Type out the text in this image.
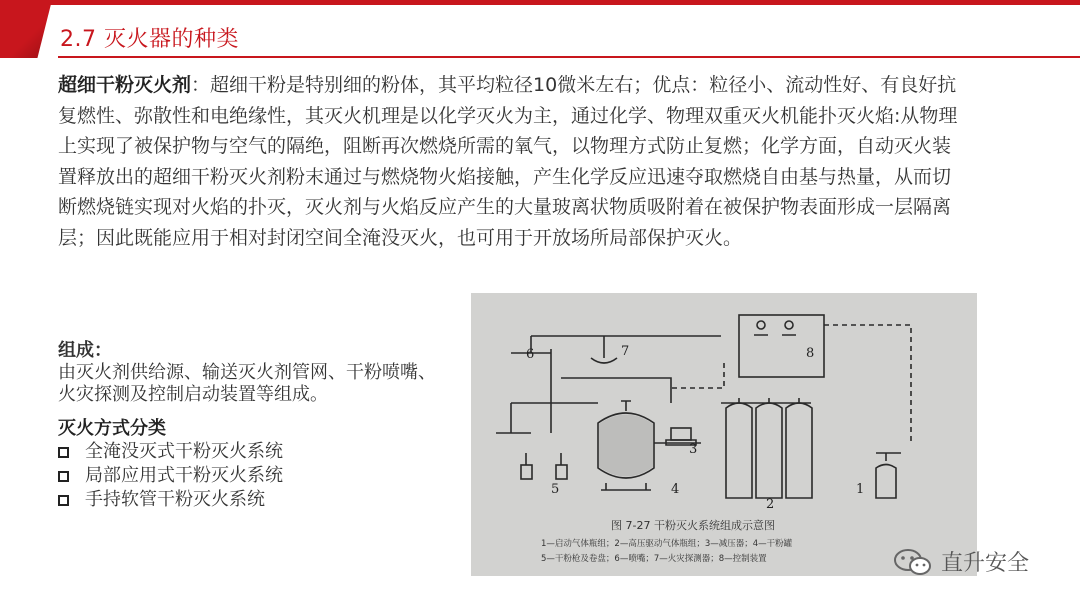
2.7 灭火器的种类
超细干粉灭火剂：超细干粉是特别细的粉体，其平均粒径10微米左右；优点：粒径小、流动性好、有良好抗复燃性、弥散性和电绝缘性，其灭火机理是以化学灭火为主，通过化学、物理双重灭火机能扑灭火焰:从物理上实现了被保护物与空气的隔绝，阻断再次燃烧所需的氧气，以物理方式防止复燃；化学方面，自动灭火装置释放出的超细干粉灭火剂粉末通过与燃烧物火焰接触，产生化学反应迅速夺取燃烧自由基与热量，从而切断燃烧链实现对火焰的扑灭，灭火剂与火焰反应产生的大量玻离状物质吸附着在被保护物表面形成一层隔离层；因此既能应用于相对封闭空间全淹没灭火，也可用于开放场所局部保护灭火。
组成：
由灭火剂供给源、输送灭火剂管网、干粉喷嘴、
火灾探测及控制启动装置等组成。
灭火方式分类
全淹没灭式干粉灭火系统
局部应用式干粉灭火系统
手持软管干粉灭火系统
8
3
4
2
1
5
6	7
图 7-27 干粉灭火系统组成示意图
1—启动气体瓶组；2—高压驱动气体瓶组；3—减压器；4—干粉罐
5—干粉枪及卷盘；6—喷嘴；7—火灾探测器；8—控制装置	直升安全
